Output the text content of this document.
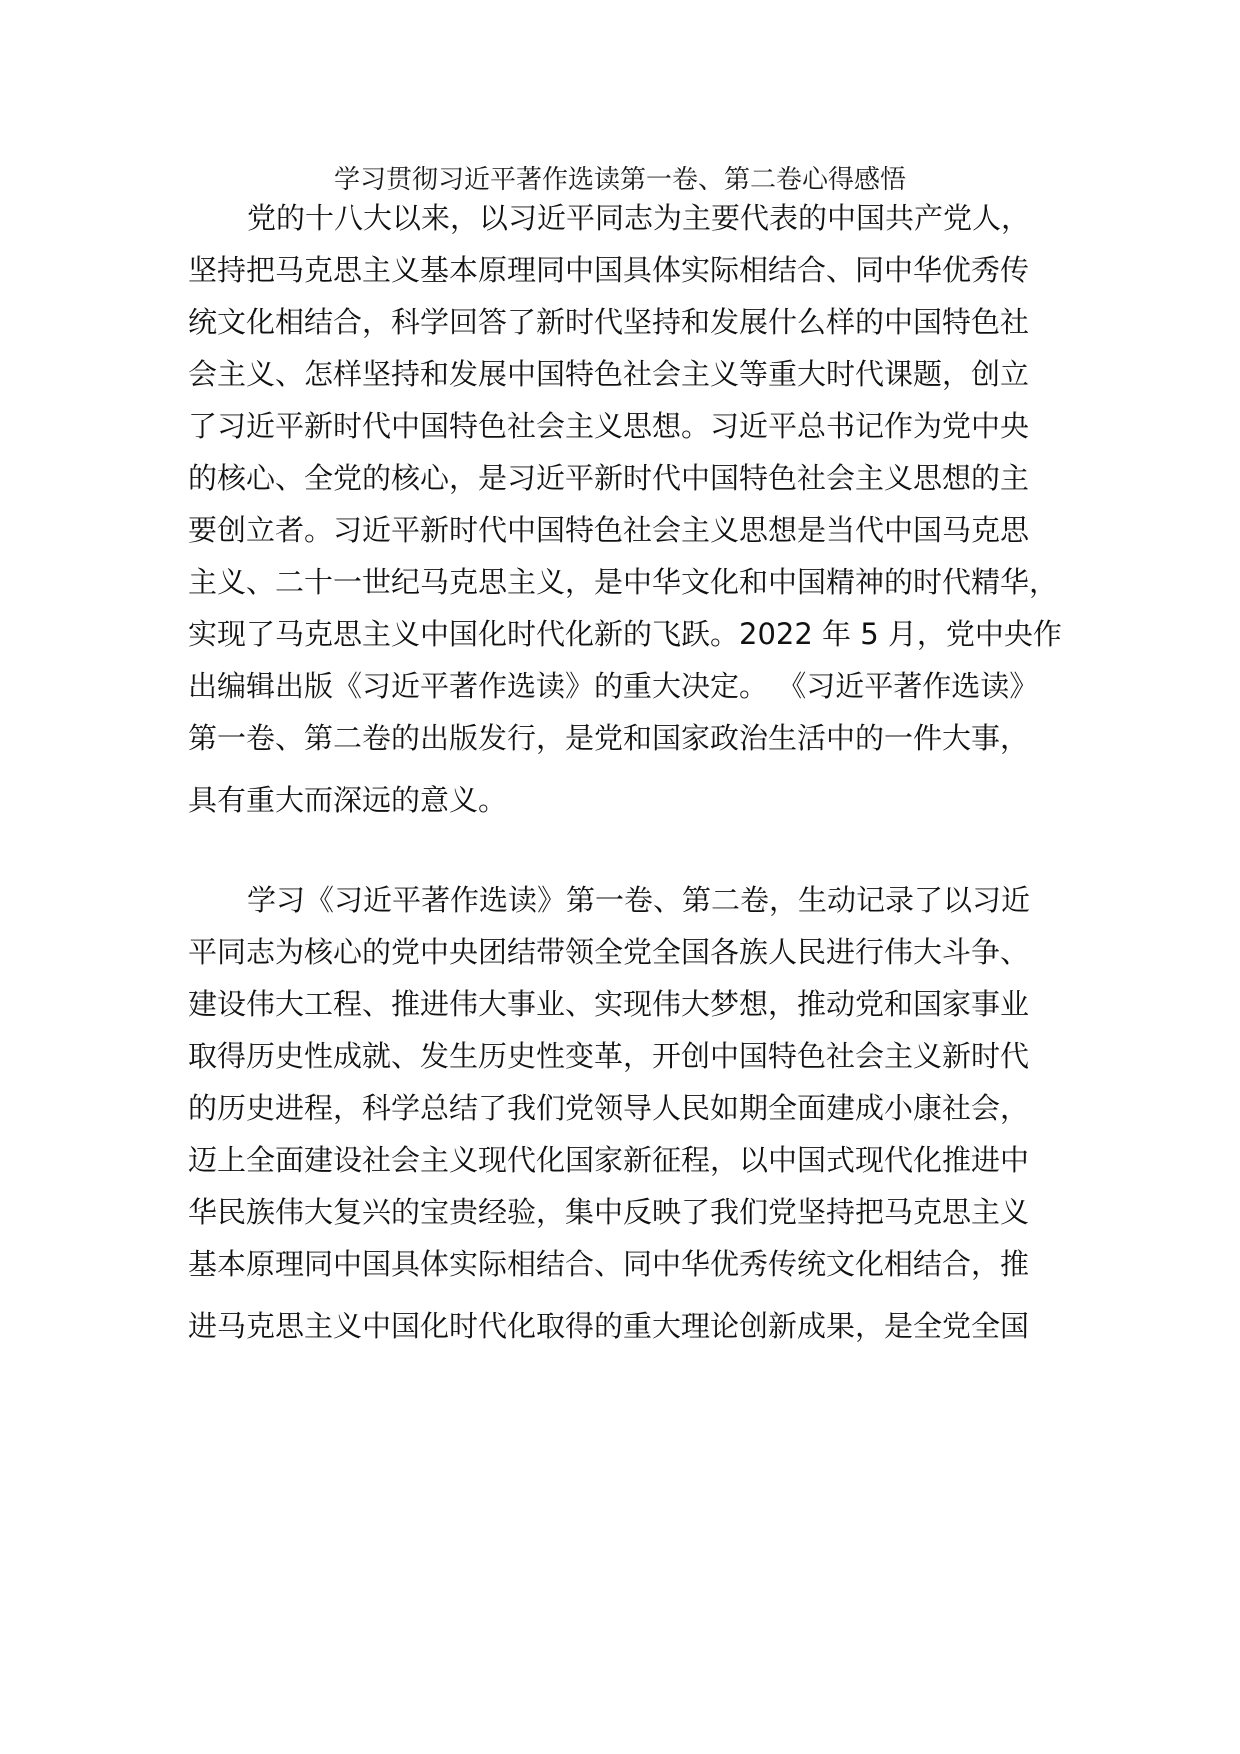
学习贯彻习近平著作选读第一卷、第二卷心得感悟
党的十八大以来，以习近平同志为主要代表的中国共产党人，
坚持把马克思主义基本原理同中国具体实际相结合、同中华优秀传
统文化相结合，科学回答了新时代坚持和发展什么样的中国特色社
会主义、怎样坚持和发展中国特色社会主义等重大时代课题，创立
了习近平新时代中国特色社会主义思想。习近平总书记作为党中央
的核心、全党的核心，是习近平新时代中国特色社会主义思想的主
要创立者。习近平新时代中国特色社会主义思想是当代中国马克思
主义、二十一世纪马克思主义，是中华文化和中国精神的时代精华，
实现了马克思主义中国化时代化新的飞跃。2022 年 5 月，党中央作
出编辑出版《习近平著作选读》的重大决定。 《习近平著作选读》
第一卷、第二卷的出版发行，是党和国家政治生活中的一件大事，
具有重大而深远的意义。
学习《习近平著作选读》第一卷、第二卷，生动记录了以习近
平同志为核心的党中央团结带领全党全国各族人民进行伟大斗争、
建设伟大工程、推进伟大事业、实现伟大梦想，推动党和国家事业
取得历史性成就、发生历史性变革，开创中国特色社会主义新时代
的历史进程，科学总结了我们党领导人民如期全面建成小康社会，
迈上全面建设社会主义现代化国家新征程，以中国式现代化推进中
华民族伟大复兴的宝贵经验，集中反映了我们党坚持把马克思主义
基本原理同中国具体实际相结合、同中华优秀传统文化相结合，推
进马克思主义中国化时代化取得的重大理论创新成果，是全党全国
